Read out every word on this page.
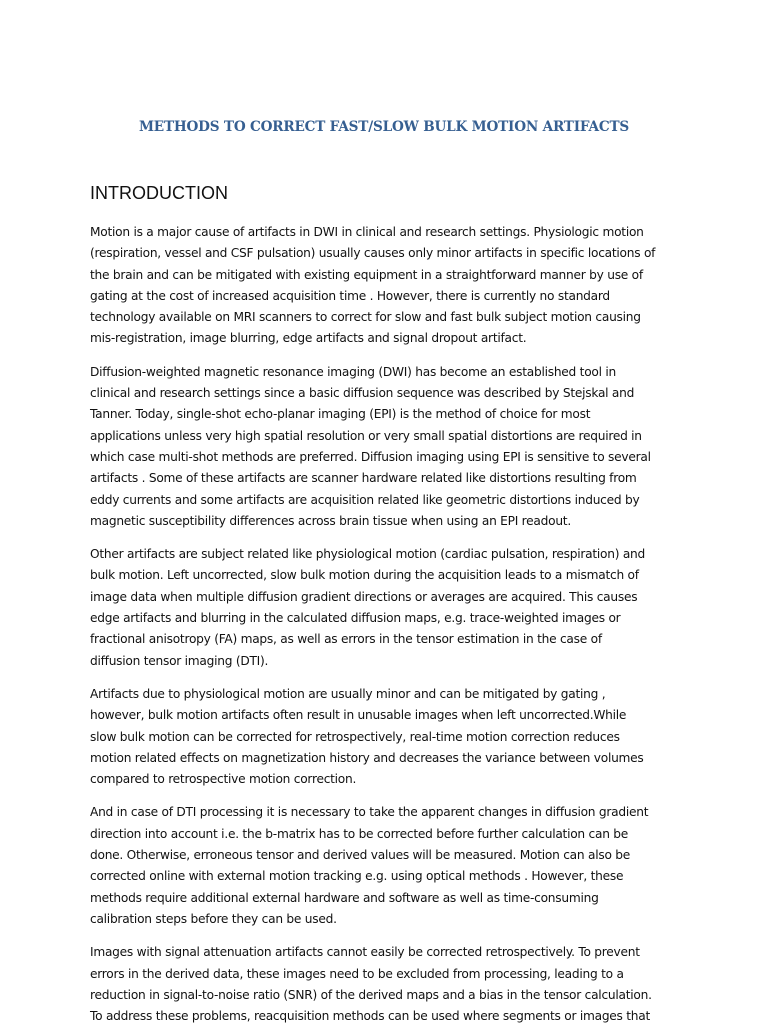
METHODS TO CORRECT FAST/SLOW BULK MOTION ARTIFACTS
INTRODUCTION
Motion is a major cause of artifacts in DWI in clinical and research settings. Physiologic motion
(respiration, vessel and CSF pulsation) usually causes only minor artifacts in specific locations of
the brain and can be mitigated with existing equipment in a straightforward manner by use of
gating at the cost of increased acquisition time . However, there is currently no standard
technology available on MRI scanners to correct for slow and fast bulk subject motion causing
mis-registration, image blurring, edge artifacts and signal dropout artifact.
Diffusion-weighted magnetic resonance imaging (DWI) has become an established tool in
clinical and research settings since a basic diffusion sequence was described by Stejskal and
Tanner. Today, single-shot echo-planar imaging (EPI) is the method of choice for most
applications unless very high spatial resolution or very small spatial distortions are required in
which case multi-shot methods are preferred. Diffusion imaging using EPI is sensitive to several
artifacts . Some of these artifacts are scanner hardware related like distortions resulting from
eddy currents and some artifacts are acquisition related like geometric distortions induced by
magnetic susceptibility differences across brain tissue when using an EPI readout.
Other artifacts are subject related like physiological motion (cardiac pulsation, respiration) and
bulk motion. Left uncorrected, slow bulk motion during the acquisition leads to a mismatch of
image data when multiple diffusion gradient directions or averages are acquired. This causes
edge artifacts and blurring in the calculated diffusion maps, e.g. trace-weighted images or
fractional anisotropy (FA) maps, as well as errors in the tensor estimation in the case of
diffusion tensor imaging (DTI).
Artifacts due to physiological motion are usually minor and can be mitigated by gating ,
however, bulk motion artifacts often result in unusable images when left uncorrected.While
slow bulk motion can be corrected for retrospectively, real-time motion correction reduces
motion related effects on magnetization history and decreases the variance between volumes
compared to retrospective motion correction.
And in case of DTI processing it is necessary to take the apparent changes in diffusion gradient
direction into account i.e. the b-matrix has to be corrected before further calculation can be
done. Otherwise, erroneous tensor and derived values will be measured. Motion can also be
corrected online with external motion tracking e.g. using optical methods . However, these
methods require additional external hardware and software as well as time-consuming
calibration steps before they can be used.
Images with signal attenuation artifacts cannot easily be corrected retrospectively. To prevent
errors in the derived data, these images need to be excluded from processing, leading to a
reduction in signal-to-noise ratio (SNR) of the derived maps and a bias in the tensor calculation.
To address these problems, reacquisition methods can be used where segments or images that
